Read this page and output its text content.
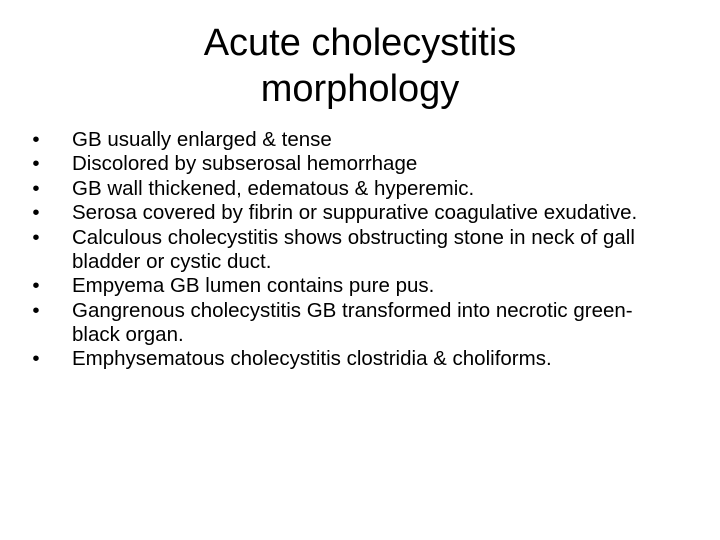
Acute cholecystitis
morphology
• GB usually enlarged & tense
• Discolored by subserosal hemorrhage
• GB wall thickened, edematous & hyperemic.
• Serosa covered by fibrin or suppurative coagulative exudative.
• Calculous cholecystitis shows obstructing stone in neck of gall bladder or cystic duct.
• Empyema GB lumen contains pure pus.
• Gangrenous cholecystitis GB transformed into necrotic green-black organ.
• Emphysematous cholecystitis clostridia & choliforms.
